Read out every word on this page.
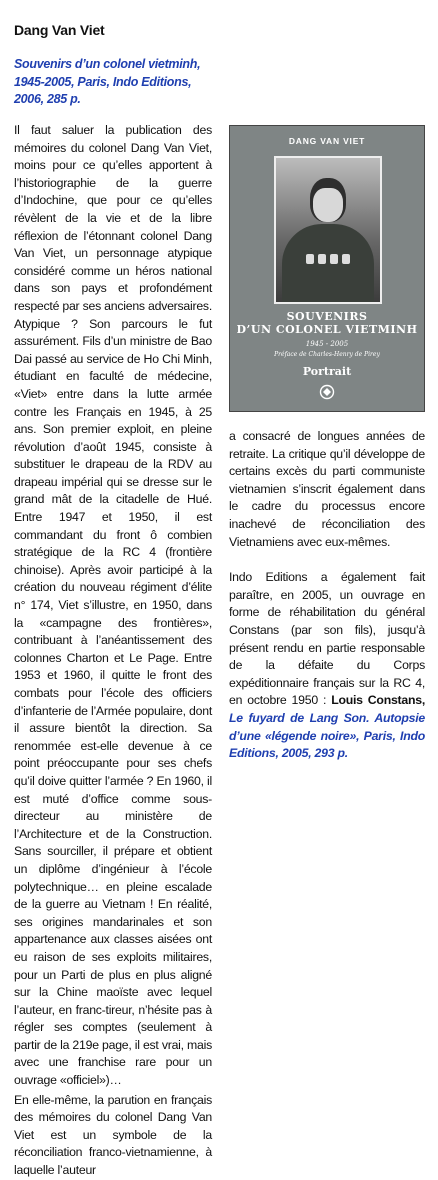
Dang Van Viet
Souvenirs d’un colonel vietminh, 1945-2005, Paris, Indo Editions, 2006, 285 p.

Il faut saluer la publication des mémoires du colonel Dang Van Viet, moins pour ce qu’elles apportent à l’historiographie de la guerre d’Indochine, que pour ce qu’elles révèlent de la vie et de la libre réflexion de l’étonnant colonel Dang Van Viet, un personnage atypique considéré comme un héros national dans son pays et profondément respecté par ses anciens adversaires. Atypique ? Son parcours le fut assurément. Fils d’un ministre de Bao Dai passé au service de Ho Chi Minh, étudiant en faculté de médecine, «Viet» entre dans la lutte armée contre les Français en 1945, à 25 ans. Son premier exploit, en pleine révolution d’août 1945, consiste à substituer le drapeau de la RDV au drapeau impérial qui se dresse sur le grand mât de la citadelle de Hué. Entre 1947 et 1950, il est commandant du front ô combien stratégique de la RC 4 (frontière chinoise). Après avoir participé à la création du nouveau régiment d’élite n° 174, Viet s’illustre, en 1950, dans la «campagne des frontières», contribuant à l’anéantissement des colonnes Charton et Le Page. Entre 1953 et 1960, il quitte le front des combats pour l’école des officiers d’infanterie de l’Armée populaire, dont il assure bientôt la direction. Sa renommée est-elle devenue à ce point préoccupante pour ses chefs qu’il doive quitter l’armée ? En 1960, il est muté d’office comme sous-directeur au ministère de l’Architecture et de la Construction. Sans sourciller, il prépare et obtient un diplôme d’ingénieur à l’école polytechnique… en pleine escalade de la guerre au Vietnam ! En réalité, ses origines mandarinales et son appartenance aux classes aisées ont eu raison de ses exploits militaires, pour un Parti de plus en plus aligné sur la Chine maoïste avec lequel l’auteur, en franc-tireur, n’hésite pas à régler ses comptes (seulement à partir de la 219e page, il est vrai, mais avec une franchise rare pour un ouvrage «officiel»)…

En elle-même, la parution en français des mémoires du colonel Dang Van Viet est un symbole de la réconciliation franco-vietnamienne, à laquelle l’auteur

DANG VAN VIET
SOUVENIRS
D’UN COLONEL VIETMINH
1945 - 2005
Préface de Charles-Henry de Pirey
Portrait

a consacré de longues années de retraite. La critique qu’il développe de certains excès du parti communiste vietnamien s’inscrit également dans le cadre du processus encore inachevé de réconciliation des Vietnamiens avec eux-mêmes.

Indo Editions a également fait paraître, en 2005, un ouvrage en forme de réhabilitation du général Constans (par son fils), jusqu’à présent rendu en partie responsable de la défaite du Corps expéditionnaire français sur la RC 4, en octobre 1950 : Louis Constans, Le fuyard de Lang Son. Autopsie d’une «légende noire», Paris, Indo Editions, 2005, 293 p.
